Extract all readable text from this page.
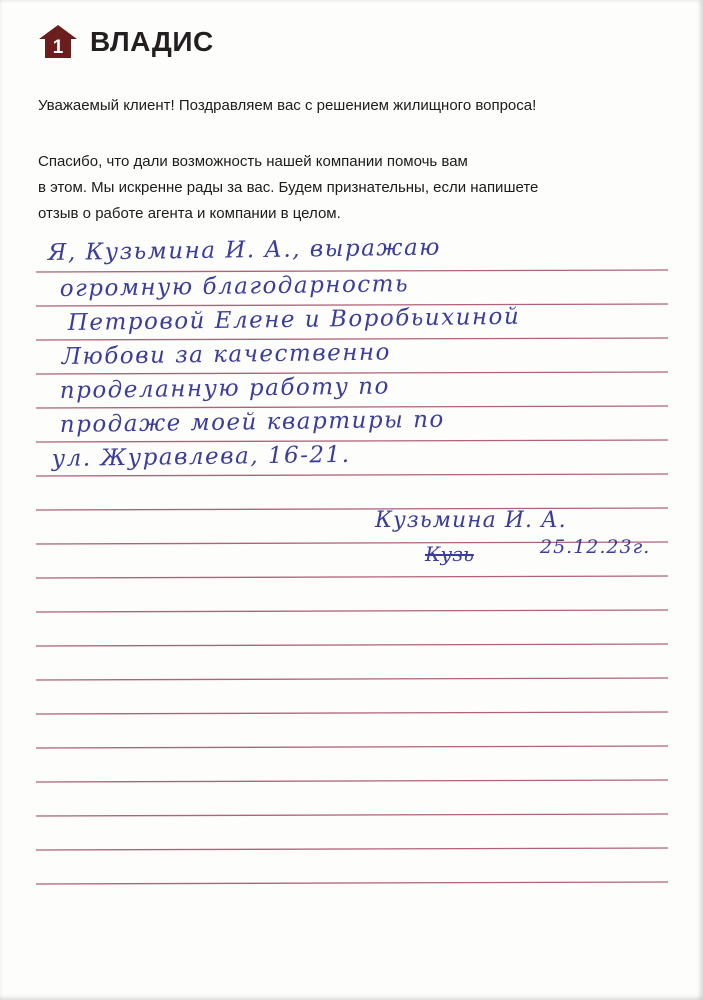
1 ВЛАДИС
Уважаемый клиент! Поздравляем вас с решением жилищного вопроса!

Спасибо, что дали возможность нашей компании помочь вам
в этом. Мы искренне рады за вас. Будем признательны, если напишете
отзыв о работе агента и компании в целом.

Я, Кузьмина И. А., выражаю
огромную благодарность
Петровой Елене и Воробьихиной
Любови за качественно
проделанную работу по
продаже моей квартиры по
ул. Журавлева, 16-21.
Кузьмина И. А.
Кузь	25.12.23г.
